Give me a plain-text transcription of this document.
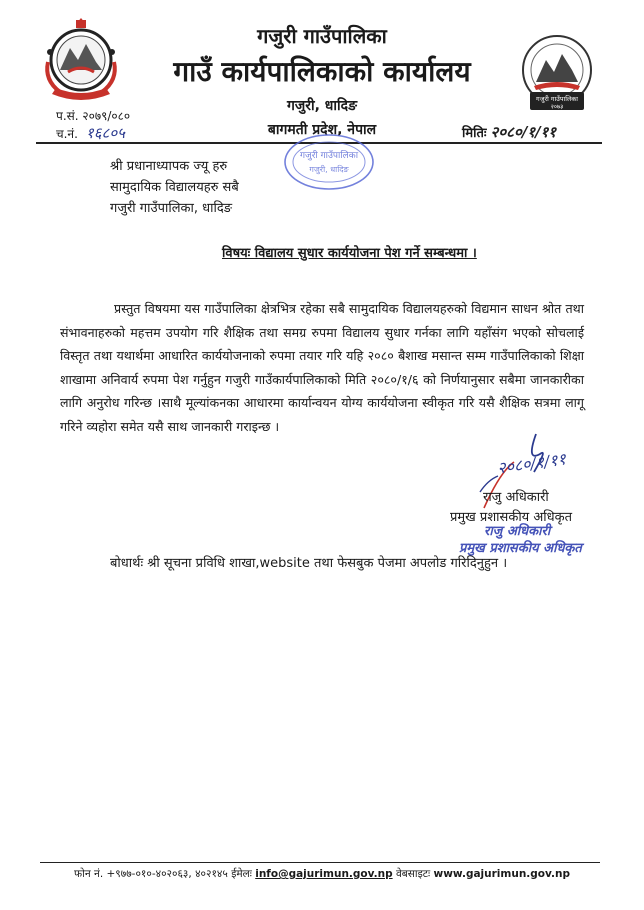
गजुरी गाउँपालिका
२०७३
गजुरी गाउँपालिका
गाउँ कार्यपालिकाको कार्यालय
गजुरी, धादिङ
बागमती प्रदेश, नेपाल
प.सं. २०७९/०८०
च.नं. १६८०५	मितिः २०८०/१/११
गजुरी गाउँपालिका
गजुरी, धादिङ
श्री प्रधानाध्यापक ज्यू हरु
सामुदायिक विद्यालयहरु सबै
गजुरी गाउँपालिका, धादिङ
विषयः विद्यालय सुधार कार्ययोजना पेश गर्ने सम्बन्धमा ।
प्रस्तुत विषयमा यस गाउँपालिका क्षेत्रभित्र रहेका सबै सामुदायिक विद्यालयहरुको विद्यमान साधन श्रोत तथा संभावनाहरुको महत्तम उपयोग गरि शैक्षिक तथा समग्र रुपमा विद्यालय सुधार गर्नका लागि यहाँसंग भएको सोचलाई विस्तृत तथा यथार्थमा आधारित कार्ययोजनाको रुपमा तयार गरि यहि २०८० बैशाख मसान्त सम्म गाउँपालिकाको शिक्षा शाखामा अनिवार्य रुपमा पेश गर्नुहुन गजुरी गाउँकार्यपालिकाको मिति २०८०/१/६ को निर्णयानुसार सबैमा जानकारीका लागि अनुरोध गरिन्छ ।साथै मूल्यांकनका आधारमा कार्यान्वयन योग्य कार्ययोजना स्वीकृत गरि यसै शैक्षिक सत्रमा लागू गरिने व्यहोरा समेत यसै साथ जानकारी गराइन्छ ।
२०८०/१/११
राजु अधिकारी
प्रमुख प्रशासकीय अधिकृत
राजु अधिकारी
प्रमुख प्रशासकीय अधिकृत
बोधार्थः श्री सूचना प्रविधि शाखा,website तथा फेसबुक पेजमा अपलोड गरिदिनुहुन ।
फोन नं. +९७७-०१०-४०२०६३, ४०२१४५ ईमेलः info@gajurimun.gov.np वेबसाइटः www.gajurimun.gov.np
